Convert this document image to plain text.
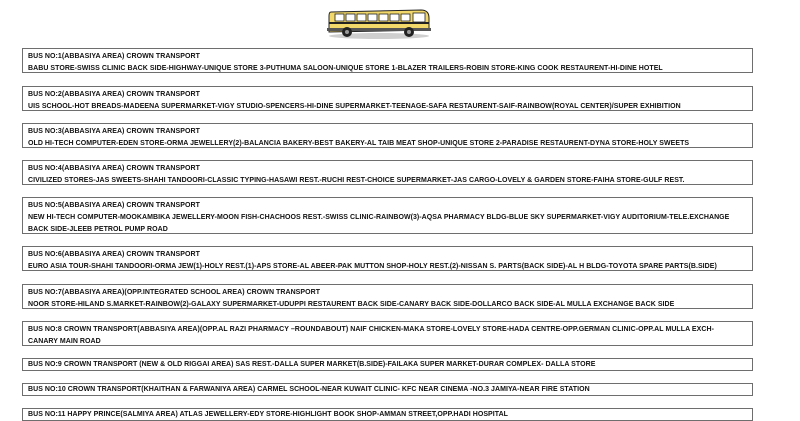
BUS NO:1(ABBASIYA AREA) CROWN TRANSPORT
BABU STORE-SWISS CLINIC BACK SIDE-HIGHWAY-UNIQUE STORE 3-PUTHUMA SALOON-UNIQUE STORE 1-BLAZER TRAILERS-ROBIN STORE-KING COOK RESTAURENT-HI-DINE HOTEL
BUS NO:2(ABBASIYA AREA) CROWN TRANSPORT
UIS SCHOOL-HOT BREADS-MADEENA SUPERMARKET-VIGY STUDIO-SPENCERS-HI-DINE SUPERMARKET-TEENAGE-SAFA RESTAURENT-SAIF-RAINBOW(ROYAL CENTER)/SUPER EXHIBITION
BUS NO:3(ABBASIYA AREA) CROWN TRANSPORT
OLD HI-TECH COMPUTER-EDEN STORE-ORMA JEWELLERY(2)-BALANCIA BAKERY-BEST BAKERY-AL TAIB MEAT SHOP-UNIQUE STORE 2-PARADISE RESTAURENT-DYNA STORE-HOLY SWEETS
BUS NO:4(ABBASIYA AREA) CROWN TRANSPORT
CIVILIZED STORES-JAS SWEETS-SHAHI TANDOORI-CLASSIC TYPING-HASAWI REST.-RUCHI REST-CHOICE SUPERMARKET-JAS CARGO-LOVELY & GARDEN STORE-FAIHA STORE-GULF REST.
BUS NO:5(ABBASIYA AREA) CROWN TRANSPORT
NEW HI-TECH COMPUTER-MOOKAMBIKA JEWELLERY-MOON FISH-CHACHOOS REST.-SWISS CLINIC-RAINBOW(3)-AQSA PHARMACY BLDG-BLUE SKY SUPERMARKET-VIGY AUDITORIUM-TELE.EXCHANGE BACK SIDE-JLEEB PETROL PUMP ROAD
BUS NO:6(ABBASIYA AREA) CROWN TRANSPORT
EURO ASIA TOUR-SHAHI TANDOORI-ORMA JEW(1)-HOLY REST.(1)-APS STORE-AL ABEER-PAK MUTTON SHOP-HOLY REST.(2)-NISSAN S. PARTS(BACK SIDE)-AL H BLDG-TOYOTA SPARE PARTS(B.SIDE)
BUS NO:7(ABBASIYA AREA)(OPP.INTEGRATED SCHOOL AREA) CROWN TRANSPORT
NOOR STORE-HILAND S.MARKET-RAINBOW(2)-GALAXY SUPERMARKET-UDUPPI RESTAURENT BACK SIDE-CANARY BACK SIDE-DOLLARCO BACK SIDE-AL MULLA EXCHANGE BACK SIDE
BUS NO:8 CROWN TRANSPORT(ABBASIYA AREA)(OPP.AL RAZI PHARMACY –ROUNDABOUT) NAIF CHICKEN-MAKA STORE-LOVELY STORE-HADA CENTRE-OPP.GERMAN CLINIC-OPP.AL MULLA EXCH-
CANARY MAIN ROAD
BUS NO:9 CROWN TRANSPORT (NEW & OLD RIGGAI AREA) SAS REST.-DALLA SUPER MARKET(B.SIDE)-FAILAKA SUPER MARKET-DURAR COMPLEX- DALLA STORE
BUS NO:10 CROWN TRANSPORT(KHAITHAN & FARWANIYA AREA) CARMEL SCHOOL-NEAR KUWAIT CLINIC- KFC NEAR CINEMA -NO.3 JAMIYA-NEAR FIRE STATION
BUS NO:11 HAPPY PRINCE(SALMIYA AREA) ATLAS JEWELLERY-EDY STORE-HIGHLIGHT BOOK SHOP-AMMAN STREET,OPP.HADI HOSPITAL
